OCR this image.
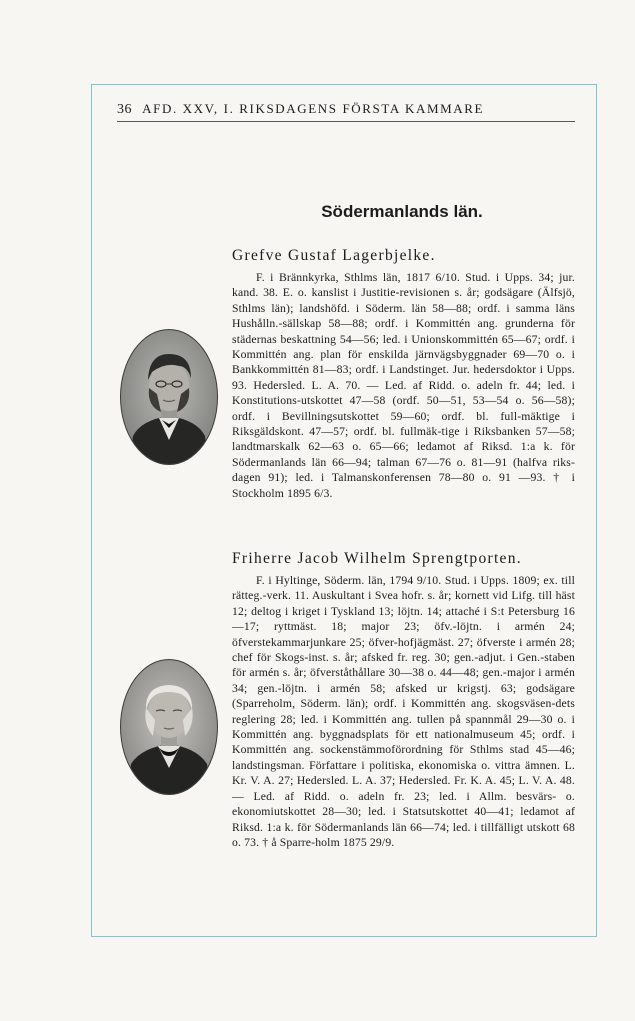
36 AFD. XXV, I. RIKSDAGENS FÖRSTA KAMMARE
Södermanlands län.
Grefve Gustaf Lagerbjelke.
F. i Brännkyrka, Sthlms län, 1817 6/10. Stud. i Upps. 34; jur. kand. 38. E. o. kanslist i Justitie-revisionen s. år; godsägare (Älfsjö, Sthlms län); landshöfd. i Söderm. län 58—88; ordf. i samma läns Hushålln.-sällskap 58—88; ordf. i Kommittén ang. grunderna för städernas beskattning 54—56; led. i Unionskommittén 65—67; ordf. i Kommittén ang. plan för enskilda järnvägsbyggnader 69—70 o. i Bankkommittén 81—83; ordf. i Landstinget. Jur. hedersdoktor i Upps. 93. Hedersled. L. A. 70. — Led. af Ridd. o. adeln fr. 44; led. i Konstitutions-utskottet 47—58 (ordf. 50—51, 53—54 o. 56—58); ordf. i Bevillningsutskottet 59—60; ordf. bl. full-mäktige i Riksgäldskont. 47—57; ordf. bl. fullmäk-tige i Riksbanken 57—58; landtmarskalk 62—63 o. 65—66; ledamot af Riksd. 1:a k. för Södermanlands län 66—94; talman 67—76 o. 81—91 (halfva riks-dagen 91); led. i Talmanskonferensen 78—80 o. 91 —93. † i Stockholm 1895 6/3.
Friherre Jacob Wilhelm Sprengtporten.
F. i Hyltinge, Söderm. län, 1794 9/10. Stud. i Upps. 1809; ex. till rätteg.-verk. 11. Auskultant i Svea hofr. s. år; kornett vid Lifg. till häst 12; deltog i kriget i Tyskland 13; löjtn. 14; attaché i S:t Petersburg 16—17; ryttmäst. 18; major 23; öfv.-löjtn. i armén 24; öfverstekammarjunkare 25; öfver-hofjägmäst. 27; öfverste i armén 28; chef för Skogs-inst. s. år; afsked fr. reg. 30; gen.-adjut. i Gen.-staben för armén s. år; öfverståthållare 30—38 o. 44—48; gen.-major i armén 34; gen.-löjtn. i armén 58; afsked ur krigstj. 63; godsägare (Sparreholm, Söderm. län); ordf. i Kommittén ang. skogsväsen-dets reglering 28; led. i Kommittén ang. tullen på spannmål 29—30 o. i Kommittén ang. byggnadsplats för ett nationalmuseum 45; ordf. i Kommittén ang. sockenstämmoförordning för Sthlms stad 45—46; landstingsman. Författare i politiska, ekonomiska o. vittra ämnen. L. Kr. V. A. 27; Hedersled. L. A. 37; Hedersled. Fr. K. A. 45; L. V. A. 48. — Led. af Ridd. o. adeln fr. 23; led. i Allm. besvärs- o. ekonomiutskottet 28—30; led. i Statsutskottet 40—41; ledamot af Riksd. 1:a k. för Södermanlands län 66—74; led. i tillfälligt utskott 68 o. 73. † å Sparre-holm 1875 29/9.
